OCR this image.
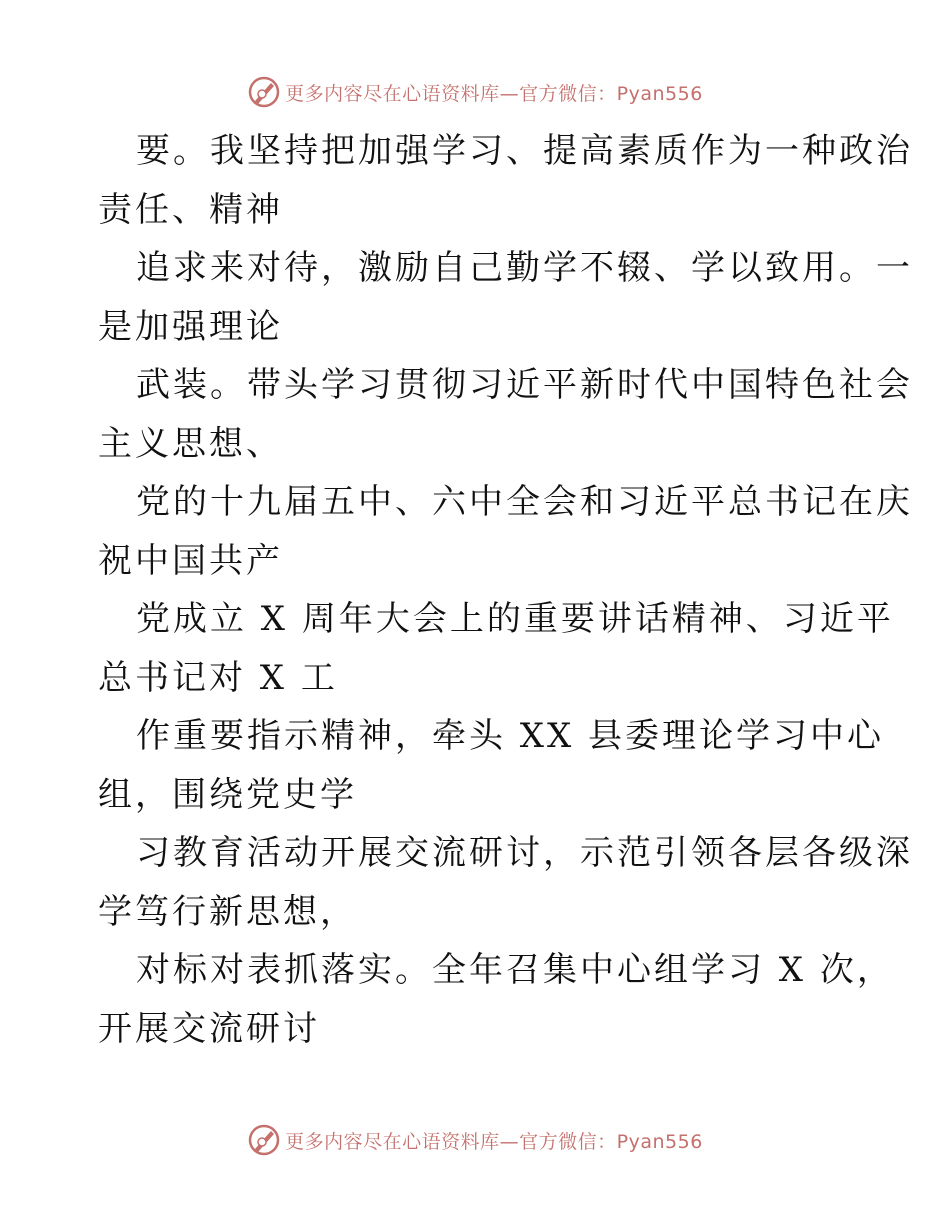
更多内容尽在心语资料库—官方微信：Pyan556
要。我坚持把加强学习、提高素质作为一种政治
责任、精神
追求来对待，激励自己勤学不辍、学以致用。一
是加强理论
武装。带头学习贯彻习近平新时代中国特色社会
主义思想、
党的十九届五中、六中全会和习近平总书记在庆
祝中国共产
党成立 X 周年大会上的重要讲话精神、习近平
总书记对 X 工
作重要指示精神，牵头 XX 县委理论学习中心
组，围绕党史学
习教育活动开展交流研讨，示范引领各层各级深
学笃行新思想，
对标对表抓落实。全年召集中心组学习 X 次，
开展交流研讨
更多内容尽在心语资料库—官方微信：Pyan556
